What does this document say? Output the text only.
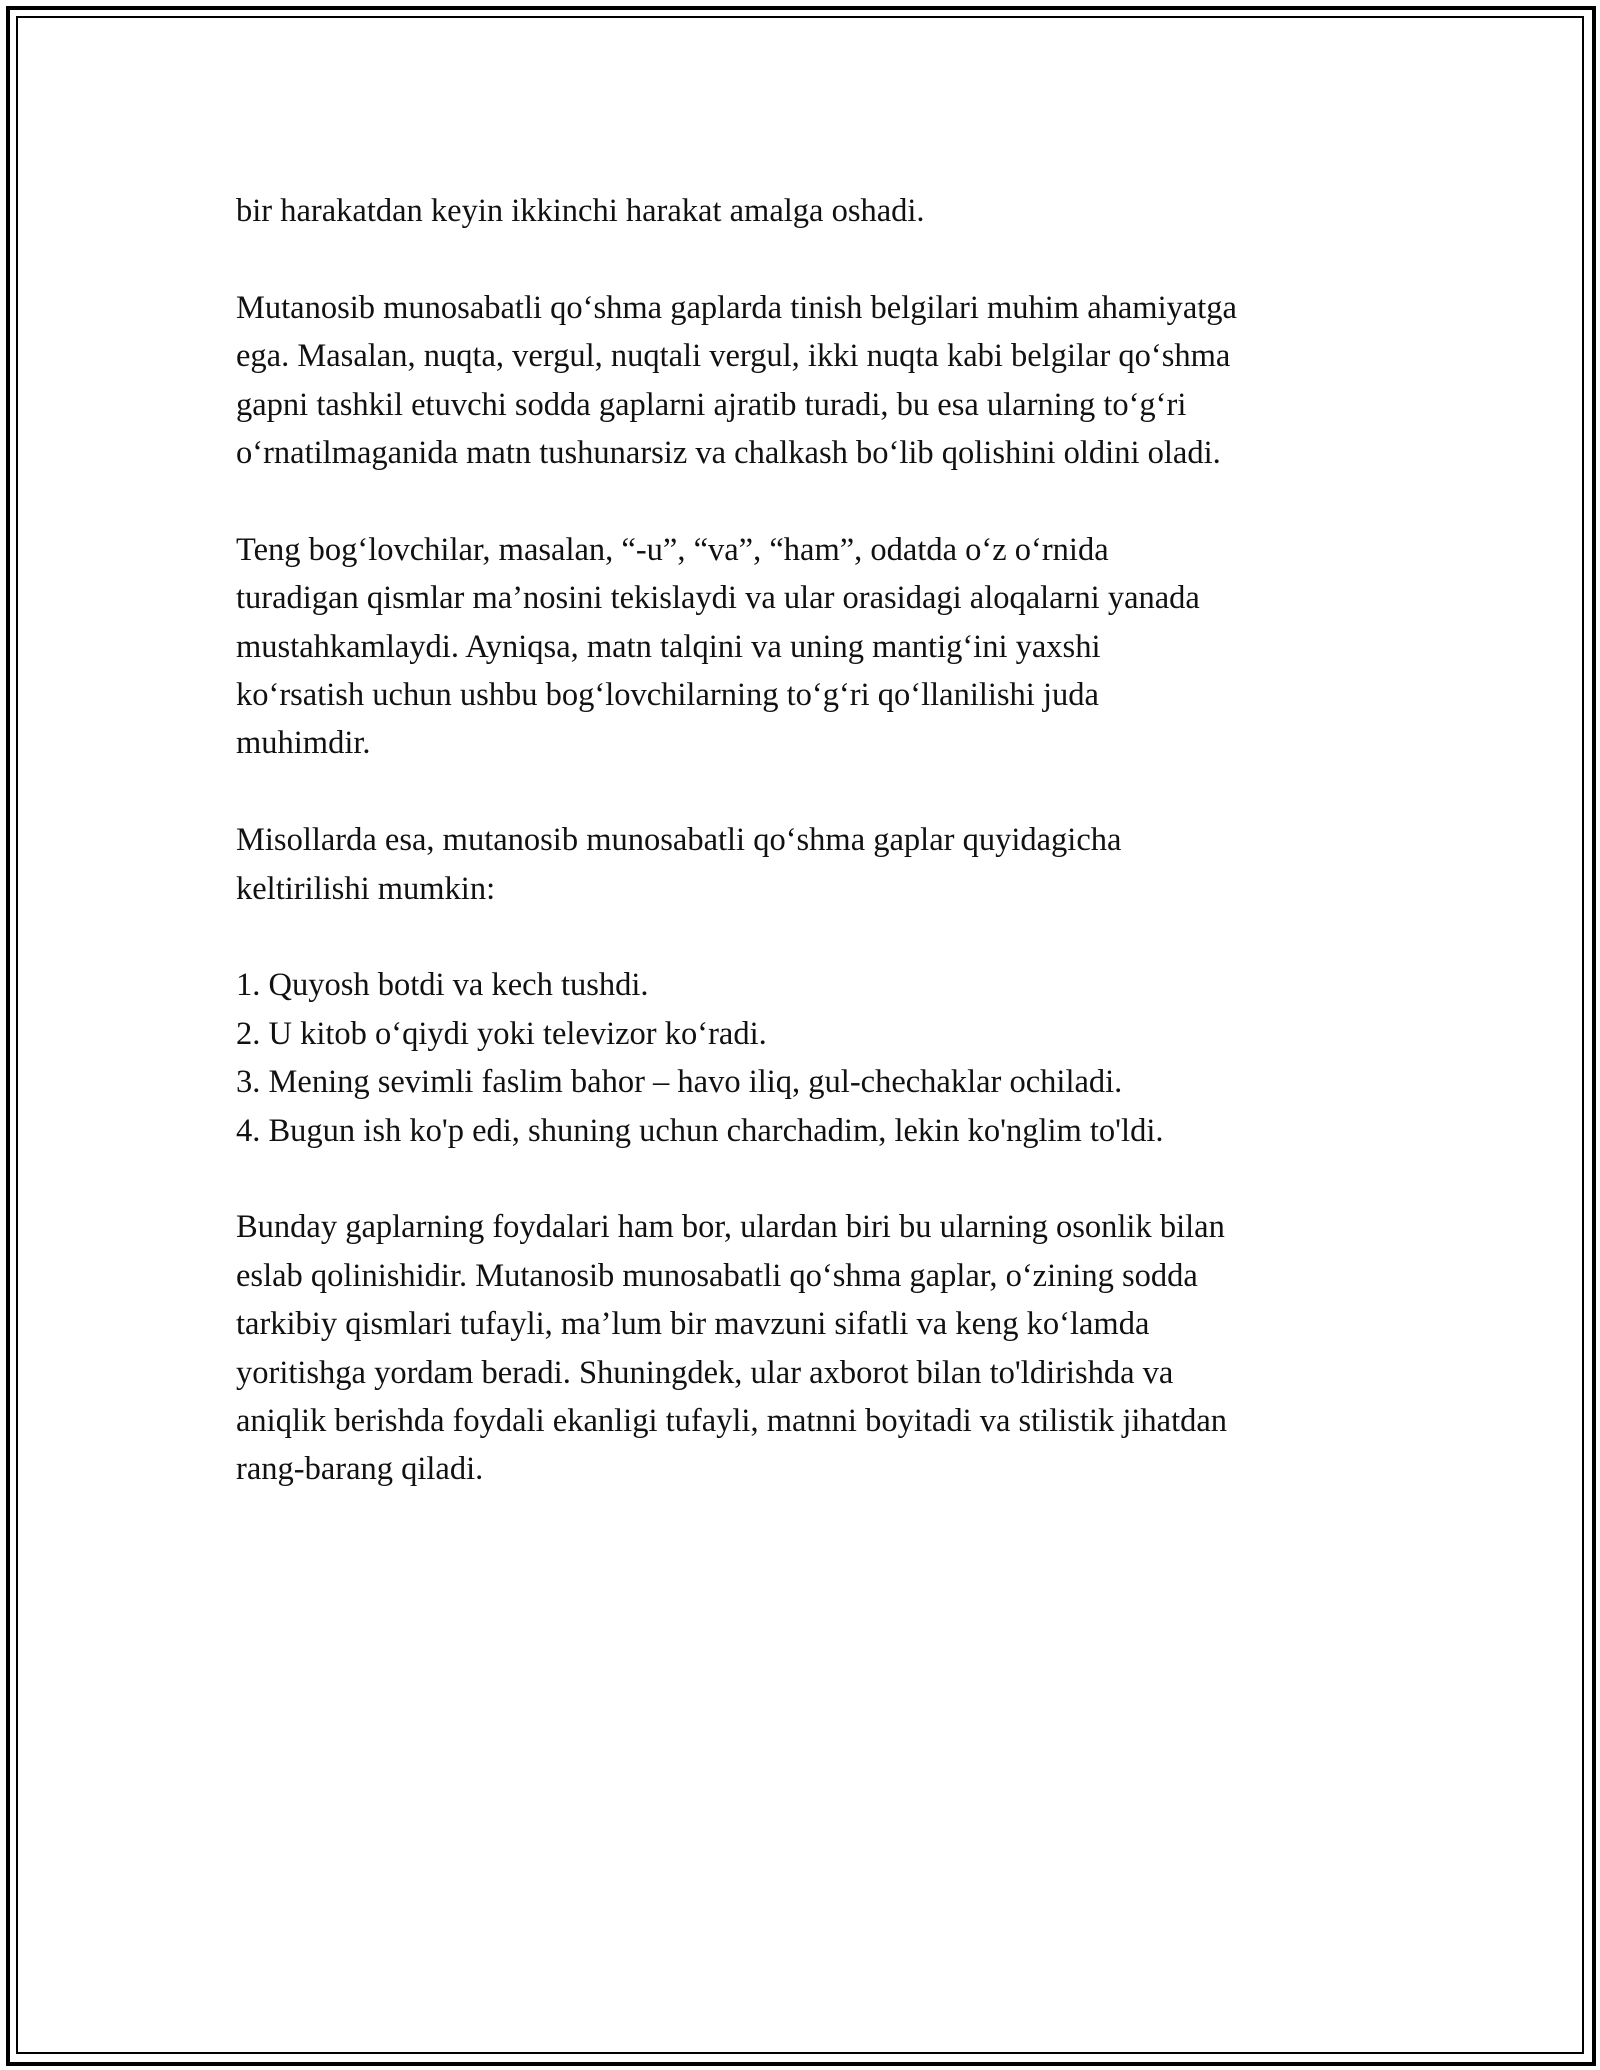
bir harakatdan keyin ikkinchi harakat amalga oshadi.

Mutanosib munosabatli qo‘shma gaplarda tinish belgilari muhim ahamiyatga
ega. Masalan, nuqta, vergul, nuqtali vergul, ikki nuqta kabi belgilar qo‘shma
gapni tashkil etuvchi sodda gaplarni ajratib turadi, bu esa ularning to‘g‘ri
o‘rnatilmaganida matn tushunarsiz va chalkash bo‘lib qolishini oldini oladi.

Teng bog‘lovchilar, masalan, “-u”, “va”, “ham”, odatda o‘z o‘rnida
turadigan qismlar ma’nosini tekislaydi va ular orasidagi aloqalarni yanada
mustahkamlaydi. Ayniqsa, matn talqini va uning mantig‘ini yaxshi
ko‘rsatish uchun ushbu bog‘lovchilarning to‘g‘ri qo‘llanilishi juda
muhimdir.

Misollarda esa, mutanosib munosabatli qo‘shma gaplar quyidagicha
keltirilishi mumkin:

1. Quyosh botdi va kech tushdi.
2. U kitob o‘qiydi yoki televizor ko‘radi.
3. Mening sevimli faslim bahor – havo iliq, gul-chechaklar ochiladi.
4. Bugun ish ko'p edi, shuning uchun charchadim, lekin ko'nglim to'ldi.

Bunday gaplarning foydalari ham bor, ulardan biri bu ularning osonlik bilan
eslab qolinishidir. Mutanosib munosabatli qo‘shma gaplar, o‘zining sodda
tarkibiy qismlari tufayli, ma’lum bir mavzuni sifatli va keng ko‘lamda
yoritishga yordam beradi. Shuningdek, ular axborot bilan to'ldirishda va
aniqlik berishda foydali ekanligi tufayli, matnni boyitadi va stilistik jihatdan
rang-barang qiladi.
